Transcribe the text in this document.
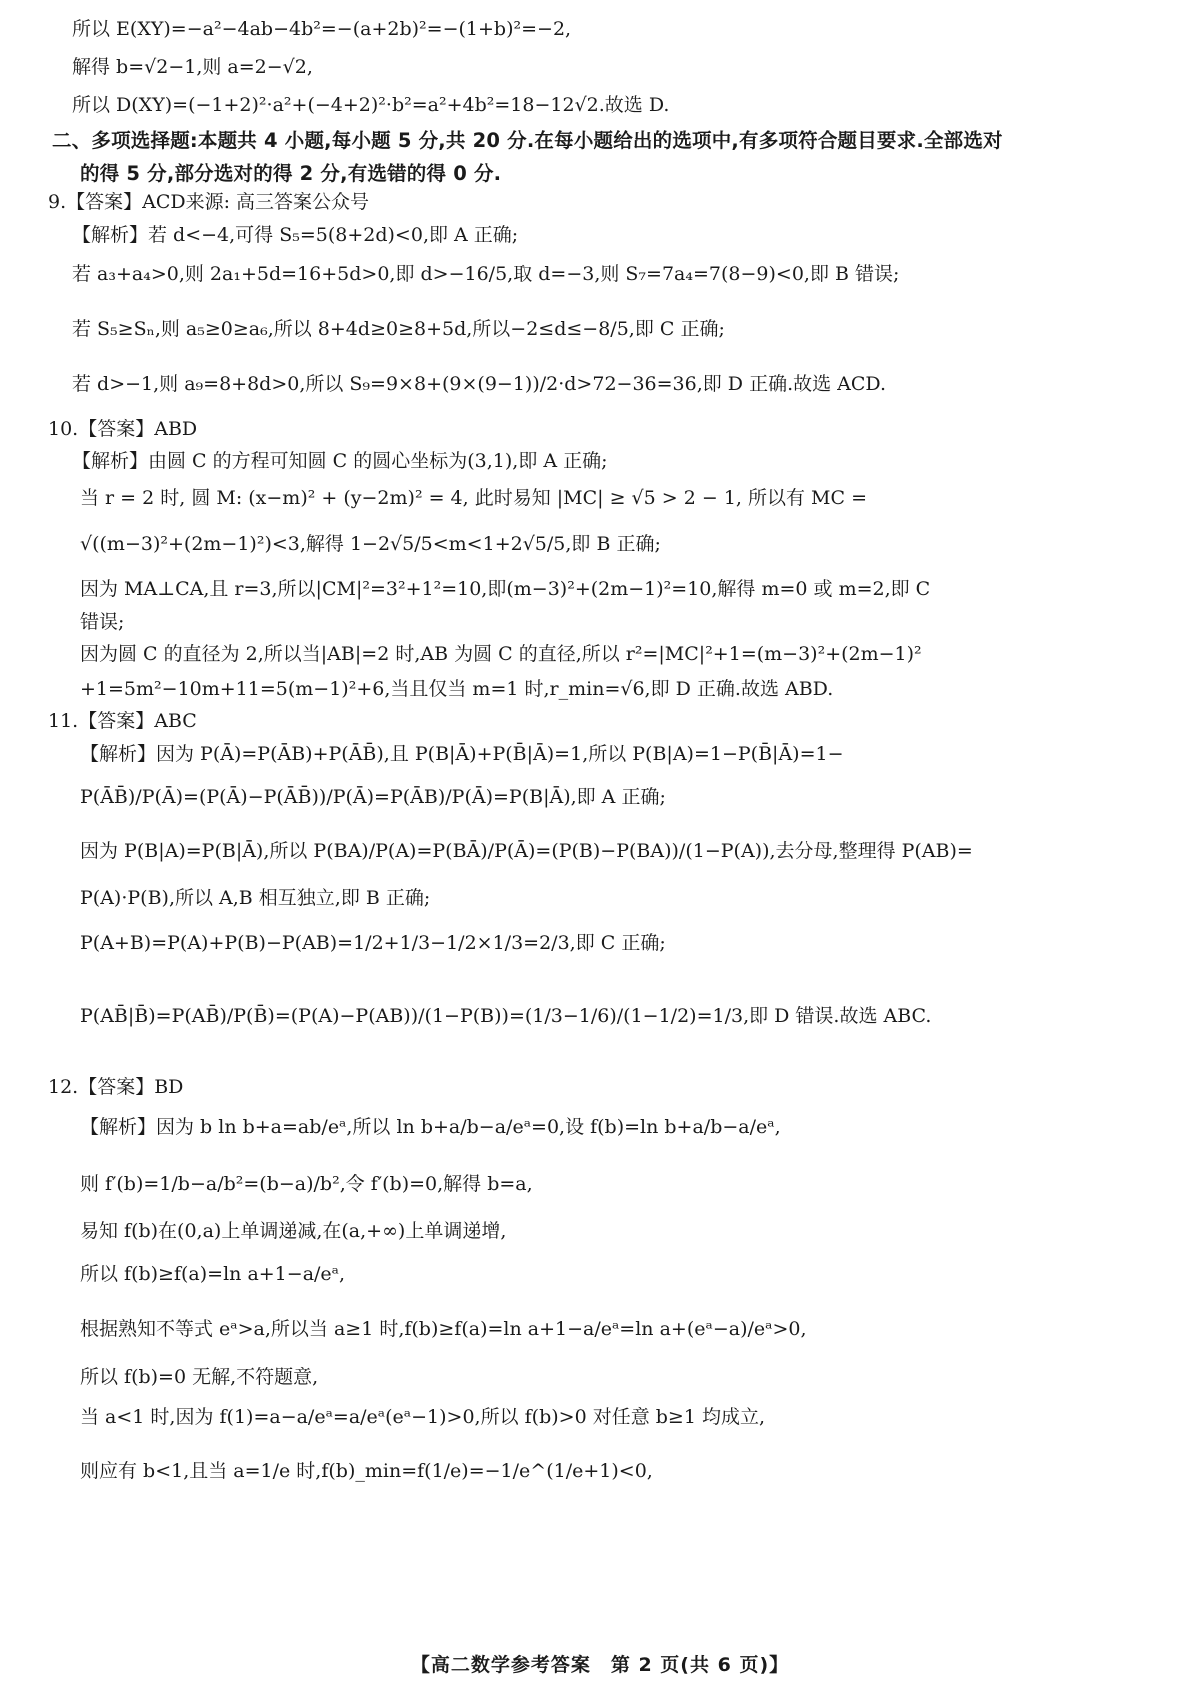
所以 E(XY)=−a²−4ab−4b²=−(a+2b)²=−(1+b)²=−2,
解得 b=√2−1,则 a=2−√2,
所以 D(XY)=(−1+2)²·a²+(−4+2)²·b²=a²+4b²=18−12√2.故选 D.
二、多项选择题:本题共 4 小题,每小题 5 分,共 20 分.在每小题给出的选项中,有多项符合题目要求.全部选对
的得 5 分,部分选对的得 2 分,有选错的得 0 分.
9.【答案】ACD来源: 高三答案公众号
【解析】若 d<−4,可得 S₅=5(8+2d)<0,即 A 正确;
若 a₃+a₄>0,则 2a₁+5d=16+5d>0,即 d>−16/5,取 d=−3,则 S₇=7a₄=7(8−9)<0,即 B 错误;
若 S₅≥Sₙ,则 a₅≥0≥a₆,所以 8+4d≥0≥8+5d,所以−2≤d≤−8/5,即 C 正确;
若 d>−1,则 a₉=8+8d>0,所以 S₉=9×8+(9×(9−1))/2·d>72−36=36,即 D 正确.故选 ACD.
10.【答案】ABD
【解析】由圆 C 的方程可知圆 C 的圆心坐标为(3,1),即 A 正确;
当 r = 2 时, 圆 M: (x−m)² + (y−2m)² = 4, 此时易知 |MC| ≥ √5 > 2 − 1, 所以有 MC =
√((m−3)²+(2m−1)²)<3,解得 1−2√5/5<m<1+2√5/5,即 B 正确;
因为 MA⊥CA,且 r=3,所以|CM|²=3²+1²=10,即(m−3)²+(2m−1)²=10,解得 m=0 或 m=2,即 C
错误;
因为圆 C 的直径为 2,所以当|AB|=2 时,AB 为圆 C 的直径,所以 r²=|MC|²+1=(m−3)²+(2m−1)²
+1=5m²−10m+11=5(m−1)²+6,当且仅当 m=1 时,r_min=√6,即 D 正确.故选 ABD.
11.【答案】ABC
【解析】因为 P(Ā)=P(ĀB)+P(ĀB̄),且 P(B|Ā)+P(B̄|Ā)=1,所以 P(B|A)=1−P(B̄|Ā)=1−
P(ĀB̄)/P(Ā)=(P(Ā)−P(ĀB̄))/P(Ā)=P(ĀB)/P(Ā)=P(B|Ā),即 A 正确;
因为 P(B|A)=P(B|Ā),所以 P(BA)/P(A)=P(BĀ)/P(Ā)=(P(B)−P(BA))/(1−P(A)),去分母,整理得 P(AB)=
P(A)·P(B),所以 A,B 相互独立,即 B 正确;
P(A+B)=P(A)+P(B)−P(AB)=1/2+1/3−1/2×1/3=2/3,即 C 正确;
P(AB̄|B̄)=P(AB̄)/P(B̄)=(P(A)−P(AB))/(1−P(B))=(1/3−1/6)/(1−1/2)=1/3,即 D 错误.故选 ABC.
12.【答案】BD
【解析】因为 b ln b+a=ab/eᵃ,所以 ln b+a/b−a/eᵃ=0,设 f(b)=ln b+a/b−a/eᵃ,
则 f′(b)=1/b−a/b²=(b−a)/b²,令 f′(b)=0,解得 b=a,
易知 f(b)在(0,a)上单调递减,在(a,+∞)上单调递增,
所以 f(b)≥f(a)=ln a+1−a/eᵃ,
根据熟知不等式 eᵃ>a,所以当 a≥1 时,f(b)≥f(a)=ln a+1−a/eᵃ=ln a+(eᵃ−a)/eᵃ>0,
所以 f(b)=0 无解,不符题意,
当 a<1 时,因为 f(1)=a−a/eᵃ=a/eᵃ(eᵃ−1)>0,所以 f(b)>0 对任意 b≥1 均成立,
则应有 b<1,且当 a=1/e 时,f(b)_min=f(1/e)=−1/e^(1/e+1)<0,
【高二数学参考答案　第 2 页(共 6 页)】
